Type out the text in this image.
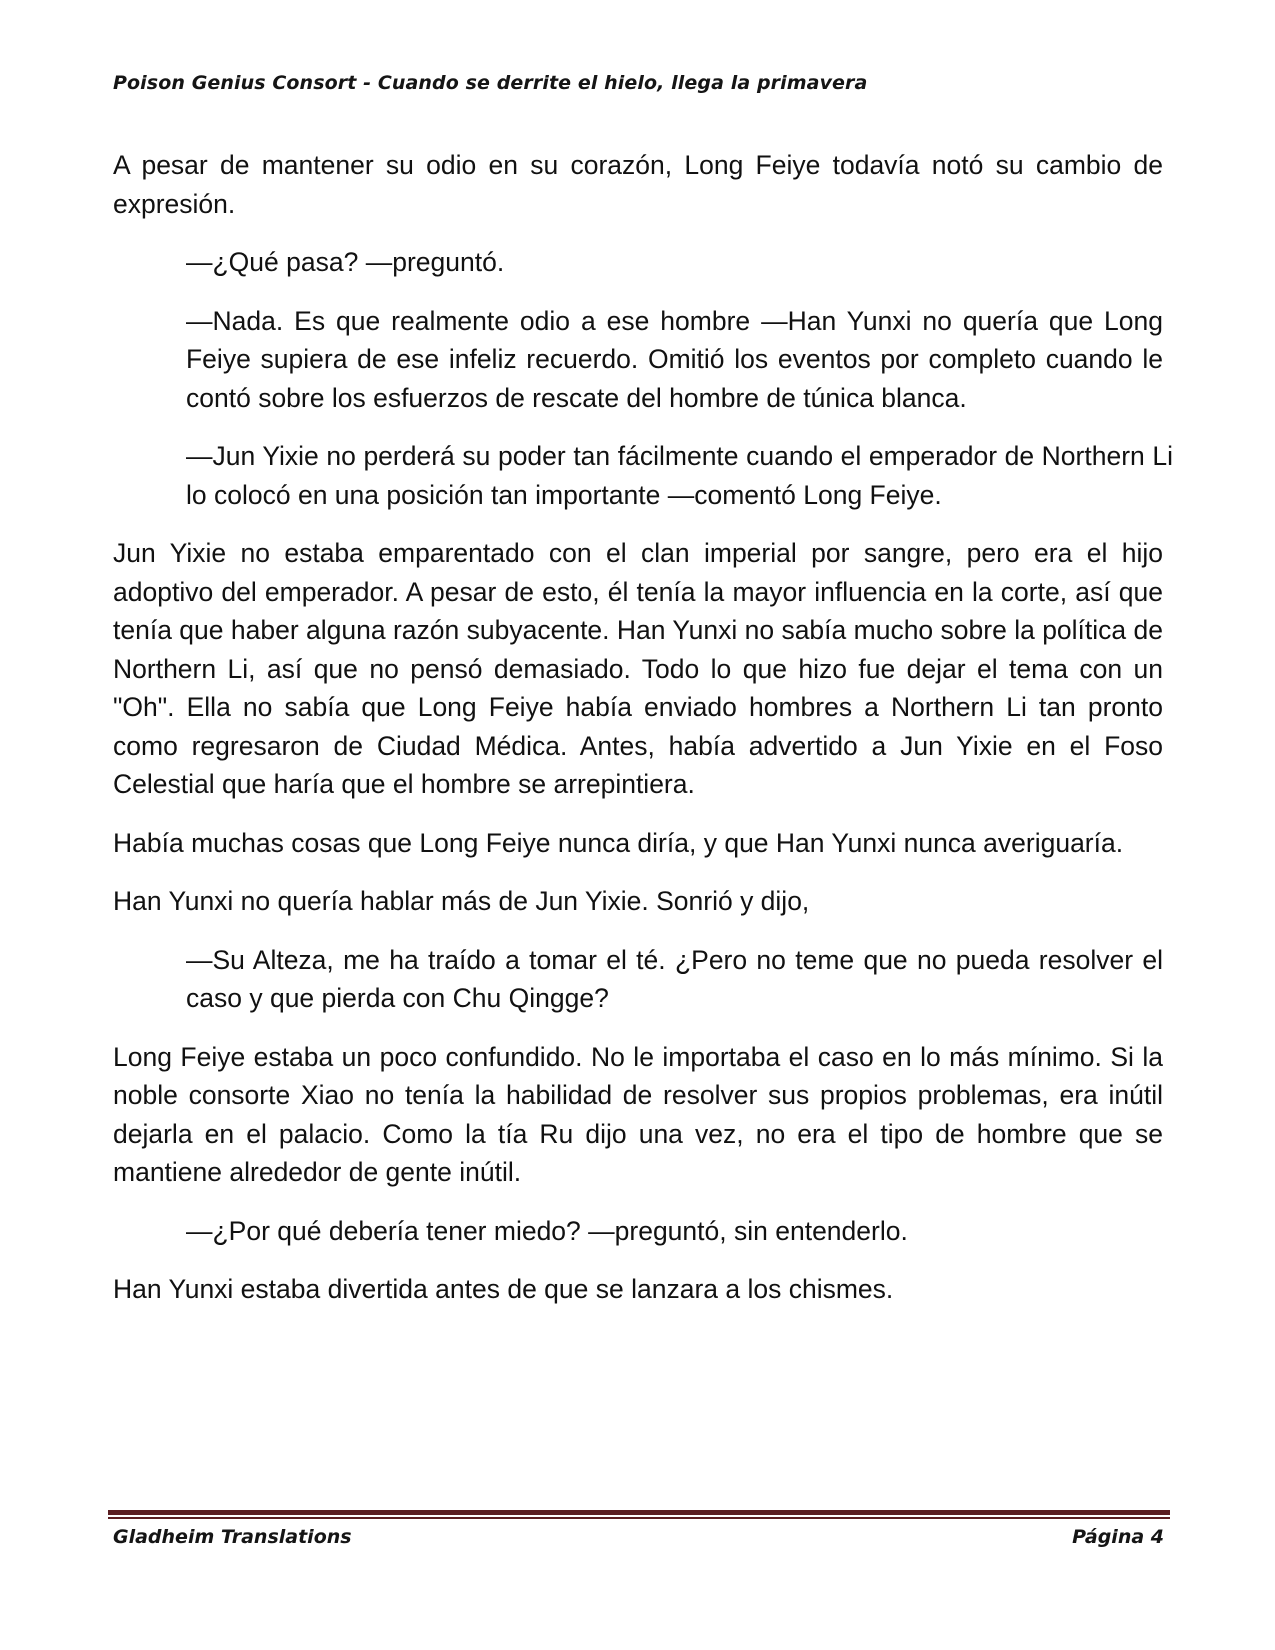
Poison Genius Consort - Cuando se derrite el hielo, llega la primavera

A pesar de mantener su odio en su corazón, Long Feiye todavía notó su cambio de expresión.

—¿Qué pasa? —preguntó.

—Nada. Es que realmente odio a ese hombre —Han Yunxi no quería que Long Feiye supiera de ese infeliz recuerdo. Omitió los eventos por completo cuando le contó sobre los esfuerzos de rescate del hombre de túnica blanca.

—Jun Yixie no perderá su poder tan fácilmente cuando el emperador de Northern Li lo colocó en una posición tan importante —comentó Long Feiye.

Jun Yixie no estaba emparentado con el clan imperial por sangre, pero era el hijo adoptivo del emperador. A pesar de esto, él tenía la mayor influencia en la corte, así que tenía que haber alguna razón subyacente. Han Yunxi no sabía mucho sobre la política de Northern Li, así que no pensó demasiado. Todo lo que hizo fue dejar el tema con un "Oh". Ella no sabía que Long Feiye había enviado hombres a Northern Li tan pronto como regresaron de Ciudad Médica. Antes, había advertido a Jun Yixie en el Foso Celestial que haría que el hombre se arrepintiera.

Había muchas cosas que Long Feiye nunca diría, y que Han Yunxi nunca averiguaría.

Han Yunxi no quería hablar más de Jun Yixie. Sonrió y dijo,

—Su Alteza, me ha traído a tomar el té. ¿Pero no teme que no pueda resolver el caso y que pierda con Chu Qingge?

Long Feiye estaba un poco confundido. No le importaba el caso en lo más mínimo. Si la noble consorte Xiao no tenía la habilidad de resolver sus propios problemas, era inútil dejarla en el palacio. Como la tía Ru dijo una vez, no era el tipo de hombre que se mantiene alrededor de gente inútil.

—¿Por qué debería tener miedo? —preguntó, sin entenderlo.

Han Yunxi estaba divertida antes de que se lanzara a los chismes.

Gladheim Translations	Página 4
